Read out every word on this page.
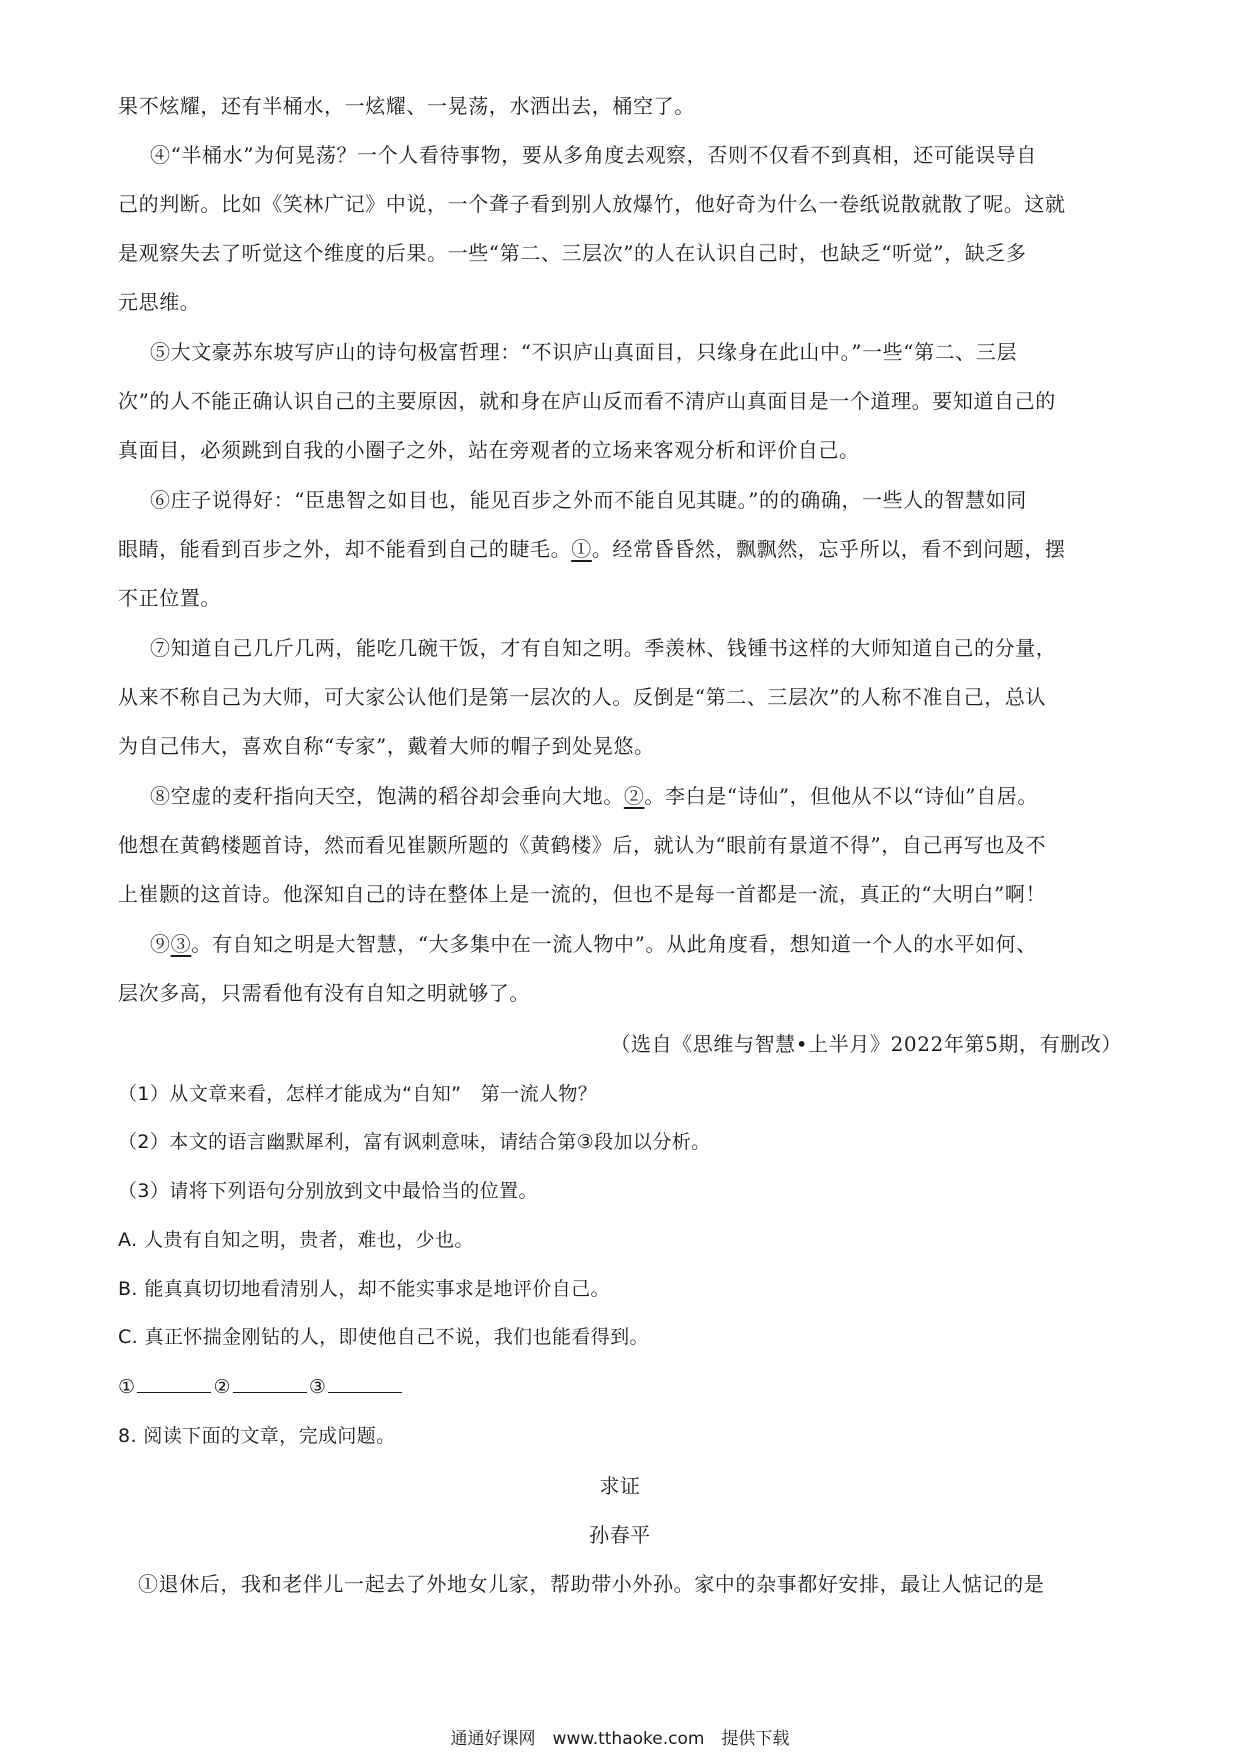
果不炫耀，还有半桶水，一炫耀、一晃荡，水洒出去，桶空了。
④“半桶水”为何晃荡？一个人看待事物，要从多角度去观察，否则不仅看不到真相，还可能误导自
己的判断。比如《笑林广记》中说，一个聋子看到别人放爆竹，他好奇为什么一卷纸说散就散了呢。这就
是观察失去了听觉这个维度的后果。一些“第二、三层次”的人在认识自己时，也缺乏“听觉”，缺乏多
元思维。
⑤大文豪苏东坡写庐山的诗句极富哲理：“不识庐山真面目，只缘身在此山中。”一些“第二、三层
次”的人不能正确认识自己的主要原因，就和身在庐山反而看不清庐山真面目是一个道理。要知道自己的
真面目，必须跳到自我的小圈子之外，站在旁观者的立场来客观分析和评价自己。
⑥庄子说得好：“臣患智之如目也，能见百步之外而不能自见其睫。”的的确确，一些人的智慧如同
眼睛，能看到百步之外，却不能看到自己的睫毛。①。经常昏昏然，飘飘然，忘乎所以，看不到问题，摆
不正位置。
⑦知道自己几斤几两，能吃几碗干饭，才有自知之明。季羡林、钱锺书这样的大师知道自己的分量，
从来不称自己为大师，可大家公认他们是第一层次的人。反倒是“第二、三层次”的人称不准自己，总认
为自己伟大，喜欢自称“专家”，戴着大师的帽子到处晃悠。
⑧空虚的麦秆指向天空，饱满的稻谷却会垂向大地。②。李白是“诗仙”，但他从不以“诗仙”自居。
他想在黄鹤楼题首诗，然而看见崔颢所题的《黄鹤楼》后，就认为“眼前有景道不得”，自己再写也及不
上崔颢的这首诗。他深知自己的诗在整体上是一流的，但也不是每一首都是一流，真正的“大明白”啊！
⑨③。有自知之明是大智慧，“大多集中在一流人物中”。从此角度看，想知道一个人的水平如何、
层次多高，只需看他有没有自知之明就够了。
（选自《思维与智慧•上半月》2022年第5期，有删改）
（1）从文章来看，怎样才能成为“自知”　第一流人物？
（2）本文的语言幽默犀利，富有讽刺意味，请结合第③段加以分析。
（3）请将下列语句分别放到文中最恰当的位置。
A. 人贵有自知之明，贵者，难也，少也。
B. 能真真切切地看清别人，却不能实事求是地评价自己。
C. 真正怀揣金刚钻的人，即使他自己不说，我们也能看得到。
①	②	③
8. 阅读下面的文章，完成问题。
求证
孙春平
①退休后，我和老伴儿一起去了外地女儿家，帮助带小外孙。家中的杂事都好安排，最让人惦记的是
通通好课网　www.tthaoke.com　提供下载
